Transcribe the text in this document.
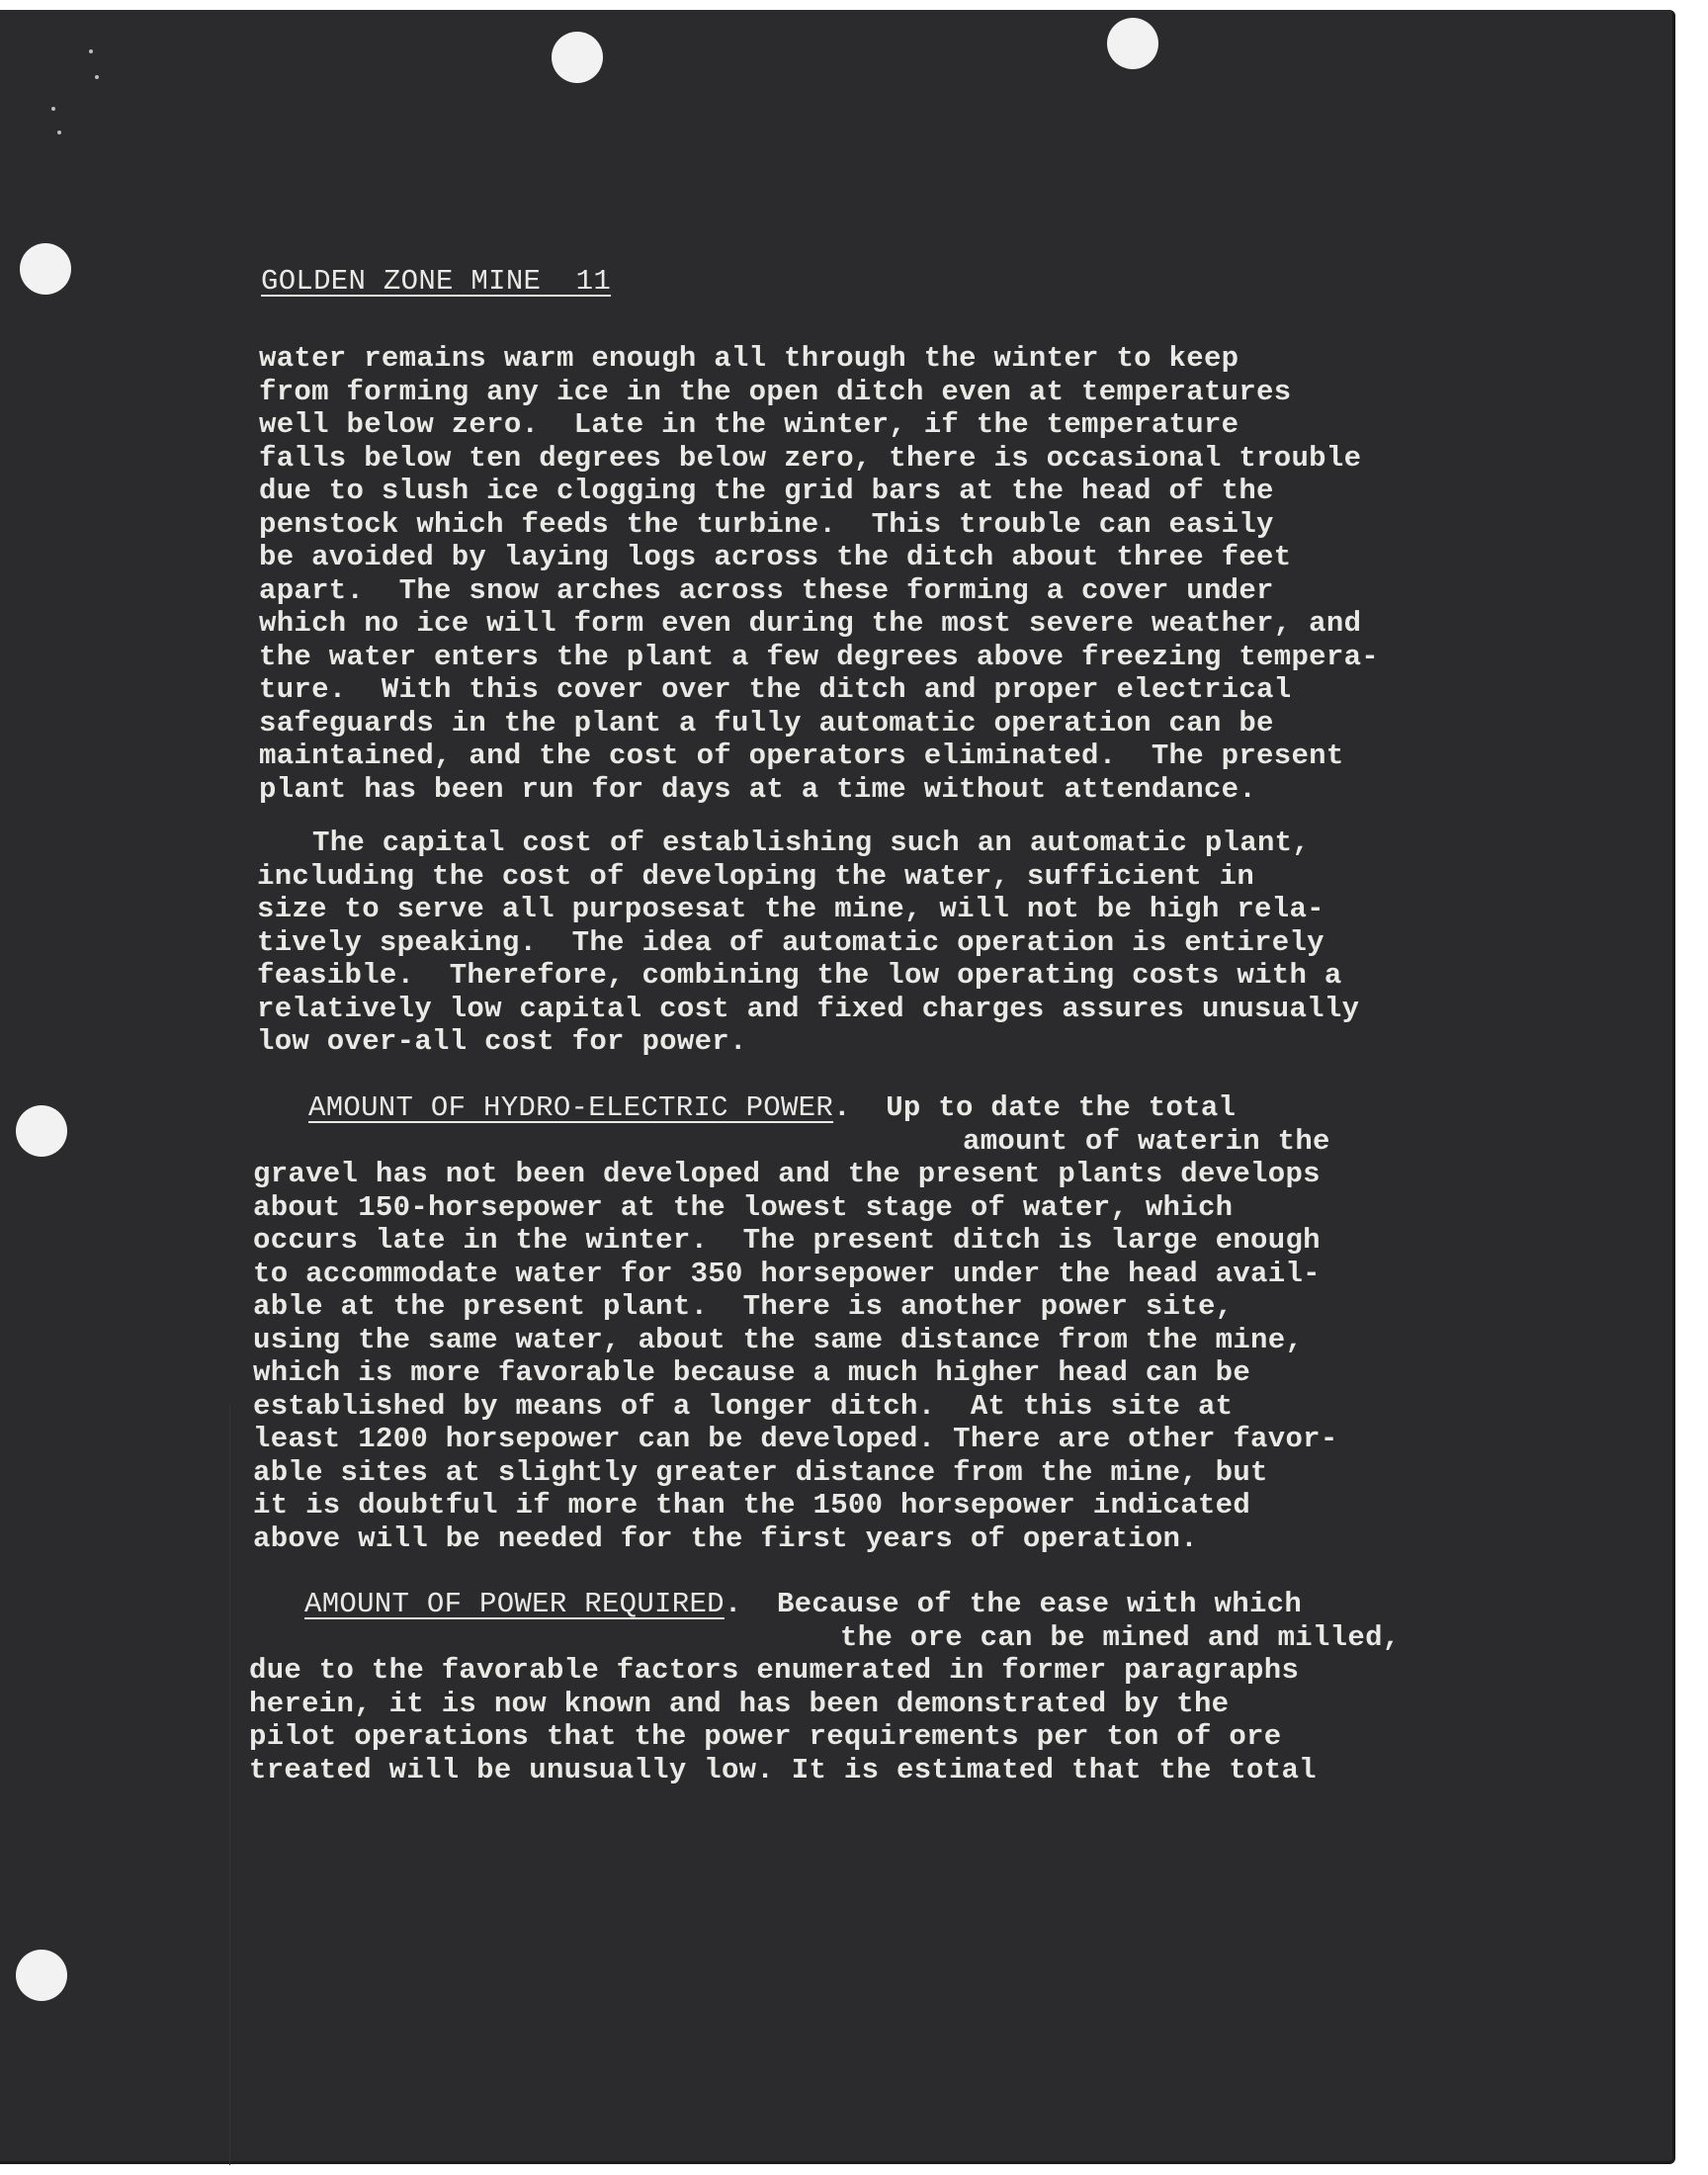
GOLDEN ZONE MINE  11
water remains warm enough all through the winter to keep
from forming any ice in the open ditch even at temperatures
well below zero.  Late in the winter, if the temperature
falls below ten degrees below zero, there is occasional trouble
due to slush ice clogging the grid bars at the head of the
penstock which feeds the turbine.  This trouble can easily
be avoided by laying logs across the ditch about three feet
apart.  The snow arches across these forming a cover under
which no ice will form even during the most severe weather, and
the water enters the plant a few degrees above freezing tempera-
ture.  With this cover over the ditch and proper electrical
safeguards in the plant a fully automatic operation can be
maintained, and the cost of operators eliminated.  The present
plant has been run for days at a time without attendance.
The capital cost of establishing such an automatic plant,
including the cost of developing the water, sufficient in
size to serve all purposesat the mine, will not be high rela-
tively speaking.  The idea of automatic operation is entirely
feasible.  Therefore, combining the low operating costs with a
relatively low capital cost and fixed charges assures unusually
low over-all cost for power.
AMOUNT OF HYDRO-ELECTRIC POWER.  Up to date the total
amount of waterin the
gravel has not been developed and the present plants develops
about 150-horsepower at the lowest stage of water, which
occurs late in the winter.  The present ditch is large enough
to accommodate water for 350 horsepower under the head avail-
able at the present plant.  There is another power site,
using the same water, about the same distance from the mine,
which is more favorable because a much higher head can be
established by means of a longer ditch.  At this site at
least 1200 horsepower can be developed. There are other favor-
able sites at slightly greater distance from the mine, but
it is doubtful if more than the 1500 horsepower indicated
above will be needed for the first years of operation.
AMOUNT OF POWER REQUIRED.  Because of the ease with which
the ore can be mined and milled,
due to the favorable factors enumerated in former paragraphs
herein, it is now known and has been demonstrated by the
pilot operations that the power requirements per ton of ore
treated will be unusually low. It is estimated that the total
